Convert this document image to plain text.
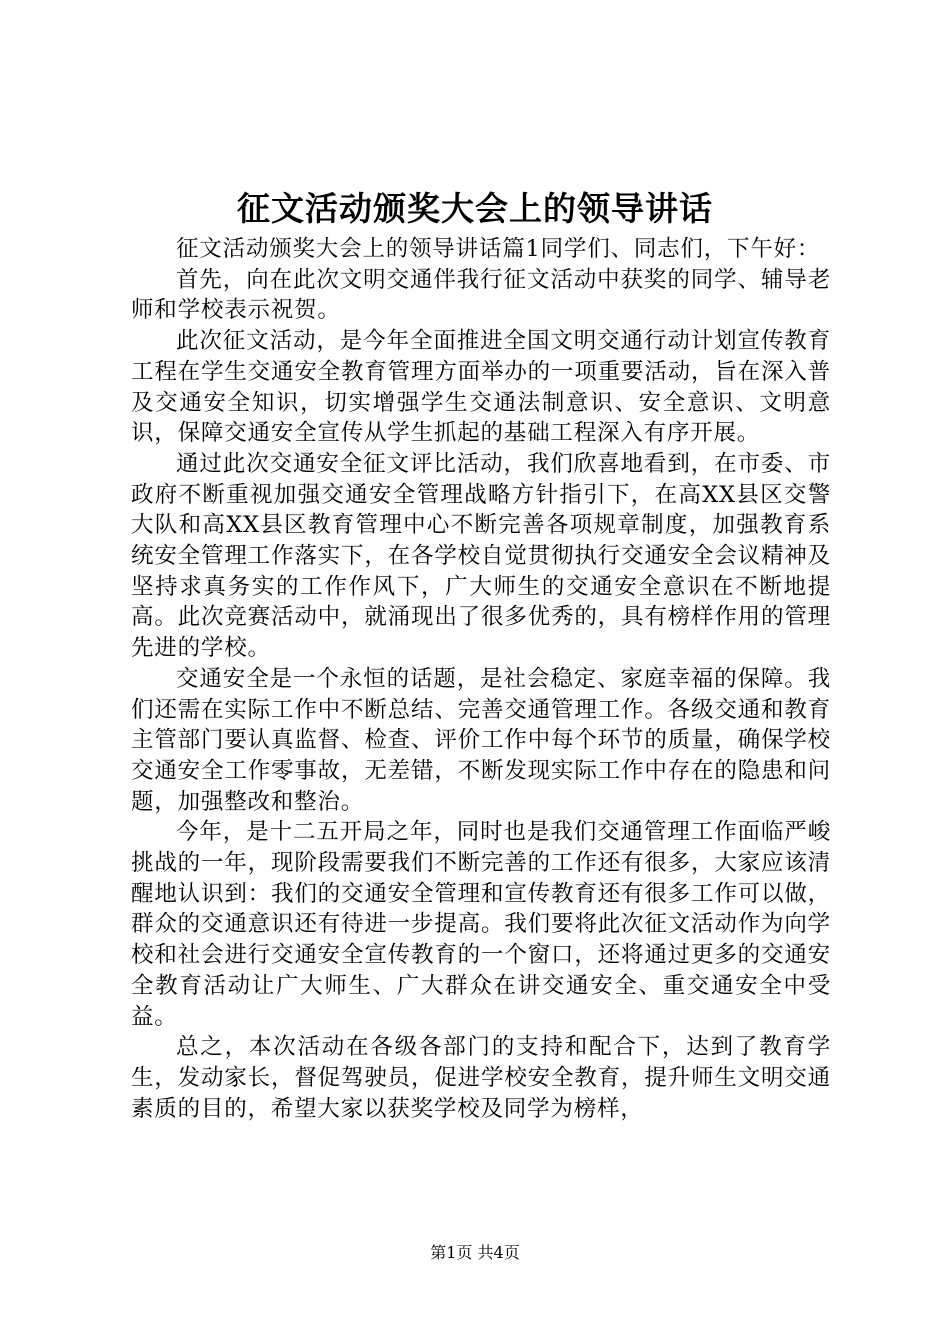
征文活动颁奖大会上的领导讲话

征文活动颁奖大会上的领导讲话篇1同学们、同志们，下午好：

首先，向在此次文明交通伴我行征文活动中获奖的同学、辅导老师和学校表示祝贺。

此次征文活动，是今年全面推进全国文明交通行动计划宣传教育工程在学生交通安全教育管理方面举办的一项重要活动，旨在深入普及交通安全知识，切实增强学生交通法制意识、安全意识、文明意识，保障交通安全宣传从学生抓起的基础工程深入有序开展。

通过此次交通安全征文评比活动，我们欣喜地看到，在市委、市政府不断重视加强交通安全管理战略方针指引下，在高XX县区交警大队和高XX县区教育管理中心不断完善各项规章制度，加强教育系统安全管理工作落实下，在各学校自觉贯彻执行交通安全会议精神及坚持求真务实的工作作风下，广大师生的交通安全意识在不断地提高。此次竞赛活动中，就涌现出了很多优秀的，具有榜样作用的管理先进的学校。

交通安全是一个永恒的话题，是社会稳定、家庭幸福的保障。我们还需在实际工作中不断总结、完善交通管理工作。各级交通和教育主管部门要认真监督、检查、评价工作中每个环节的质量，确保学校交通安全工作零事故，无差错，不断发现实际工作中存在的隐患和问题，加强整改和整治。

今年，是十二五开局之年，同时也是我们交通管理工作面临严峻挑战的一年，现阶段需要我们不断完善的工作还有很多，大家应该清醒地认识到：我们的交通安全管理和宣传教育还有很多工作可以做，群众的交通意识还有待进一步提高。我们要将此次征文活动作为向学校和社会进行交通安全宣传教育的一个窗口，还将通过更多的交通安全教育活动让广大师生、广大群众在讲交通安全、重交通安全中受益。

总之，本次活动在各级各部门的支持和配合下，达到了教育学生，发动家长，督促驾驶员，促进学校安全教育，提升师生文明交通素质的目的，希望大家以获奖学校及同学为榜样，

第1页 共4页
